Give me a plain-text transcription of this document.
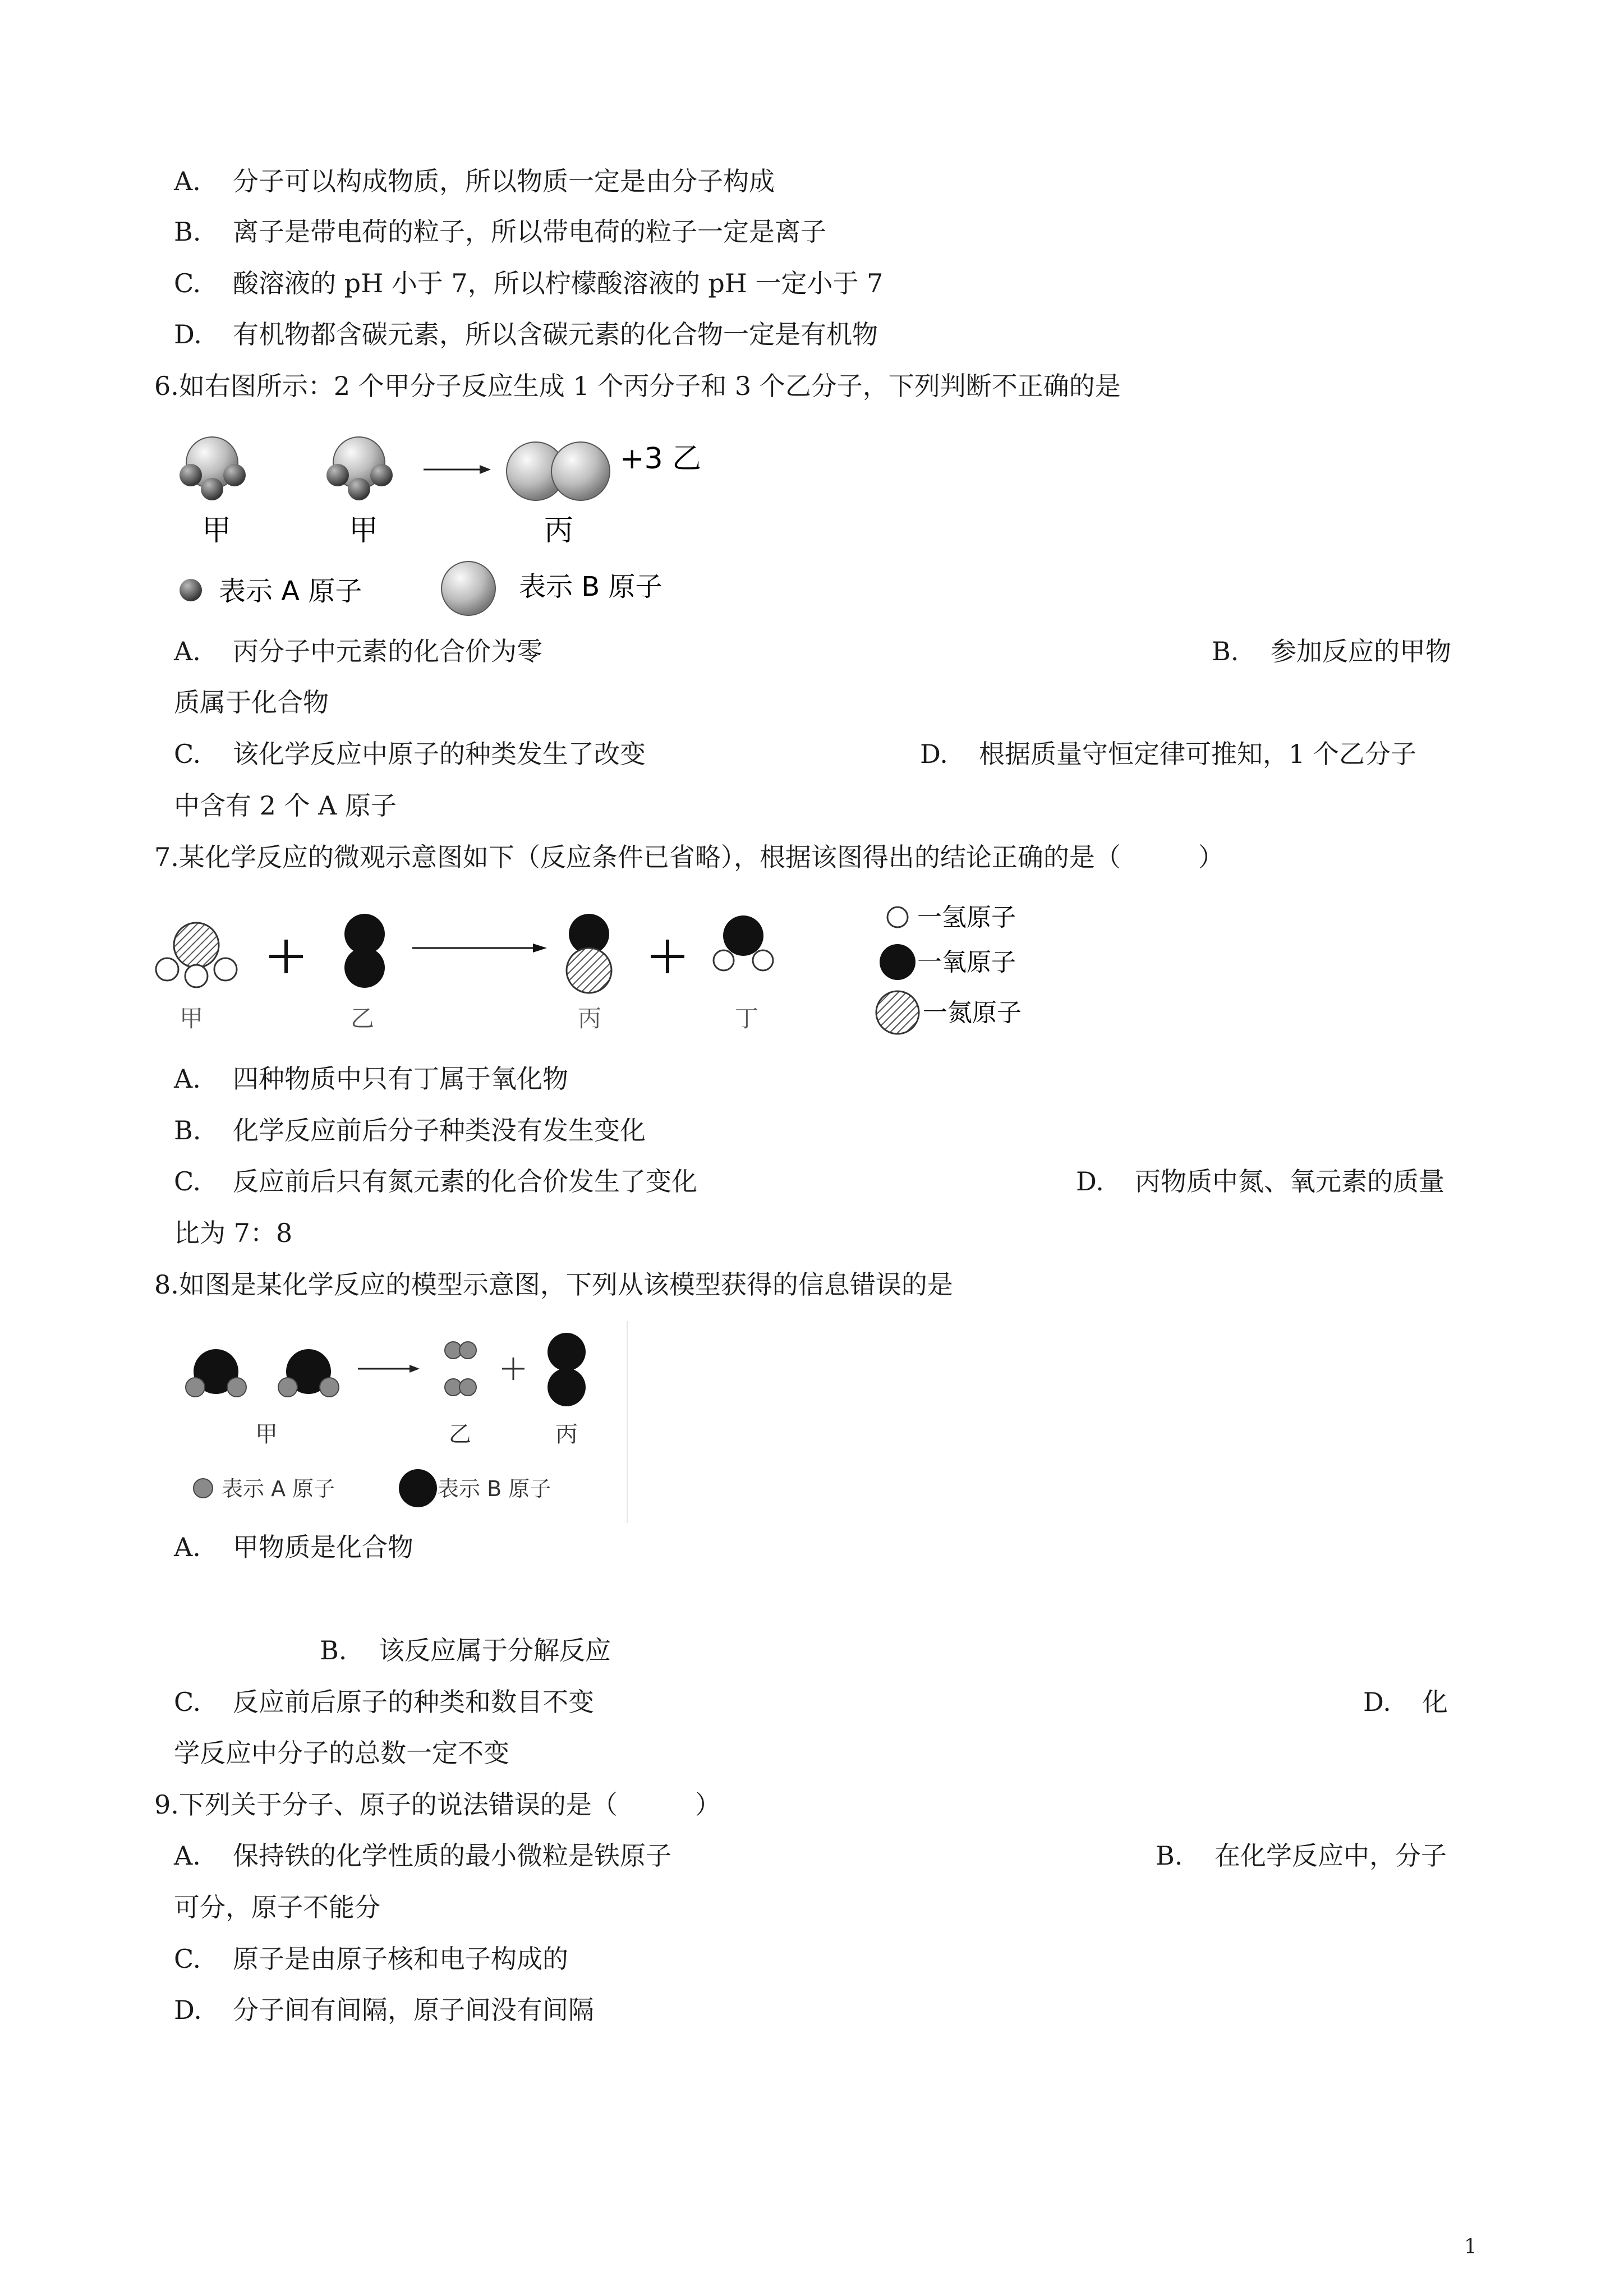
A. 分子可以构成物质，所以物质一定是由分子构成
B. 离子是带电荷的粒子，所以带电荷的粒子一定是离子
C. 酸溶液的 pH 小于 7，所以柠檬酸溶液的 pH 一定小于 7
D. 有机物都含碳元素，所以含碳元素的化合物一定是有机物
6.如右图所示：2 个甲分子反应生成 1 个丙分子和 3 个乙分子，下列判断不正确的是
甲	甲	丙
+3 乙
表示 A 原子	表示 B 原子
A. 丙分子中元素的化合价为零	B. 参加反应的甲物
质属于化合物
C. 该化学反应中原子的种类发生了改变	D. 根据质量守恒定律可推知，1 个乙分子
中含有 2 个 A 原子
7.某化学反应的微观示意图如下（反应条件已省略），根据该图得出的结论正确的是（　　　）
甲	乙	丙	丁
一氢原子
一氧原子
一氮原子
A. 四种物质中只有丁属于氧化物
B. 化学反应前后分子种类没有发生变化
C. 反应前后只有氮元素的化合价发生了变化	D. 丙物质中氮、氧元素的质量
比为 7：8
8.如图是某化学反应的模型示意图，下列从该模型获得的信息错误的是
甲	乙	丙
表示 A 原子	表示 B 原子
A. 甲物质是化合物
B. 该反应属于分解反应
C. 反应前后原子的种类和数目不变	D. 化
学反应中分子的总数一定不变
9.下列关于分子、原子的说法错误的是（　　　）
A. 保持铁的化学性质的最小微粒是铁原子	B. 在化学反应中，分子
可分，原子不能分
C. 原子是由原子核和电子构成的
D. 分子间有间隔，原子间没有间隔
1
